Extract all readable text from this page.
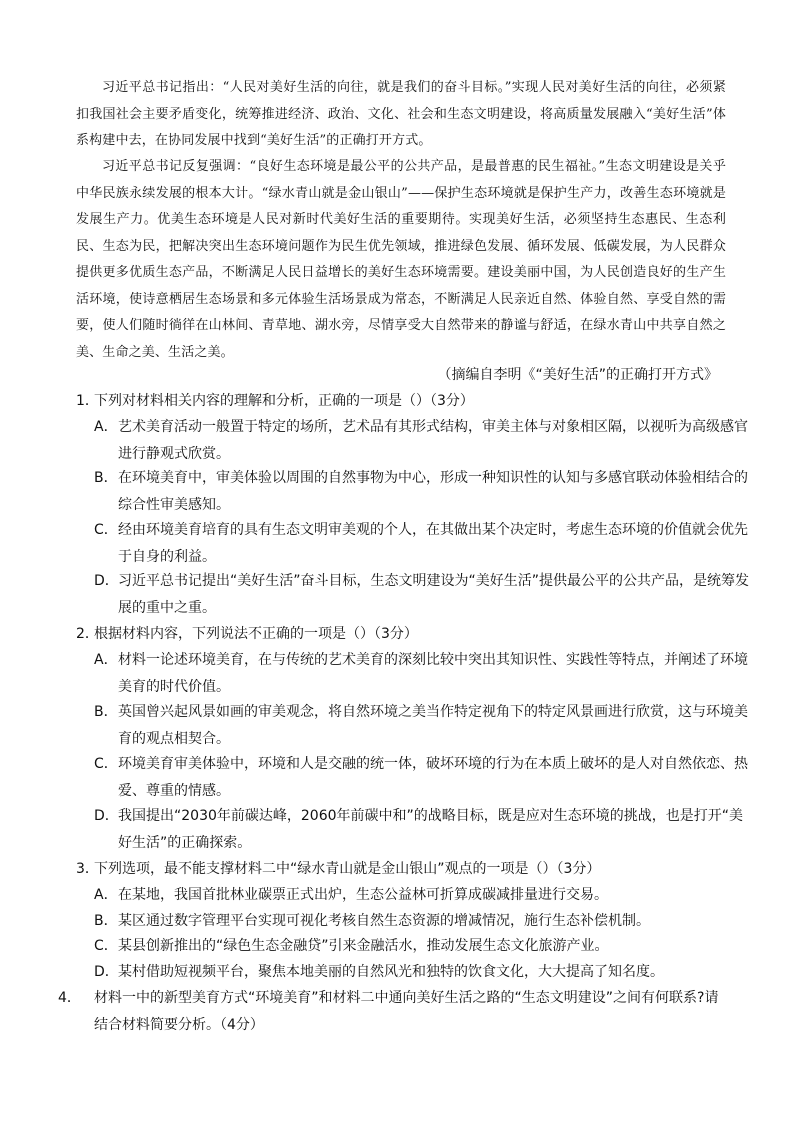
习近平总书记指出：“人民对美好生活的向往，就是我们的奋斗目标。”实现人民对美好生活的向往，必须紧扣我国社会主要矛盾变化，统筹推进经济、政治、文化、社会和生态文明建设，将高质量发展融入“美好生活”体系构建中去，在协同发展中找到“美好生活”的正确打开方式。

习近平总书记反复强调：“良好生态环境是最公平的公共产品，是最普惠的民生福祉。”生态文明建设是关乎中华民族永续发展的根本大计。“绿水青山就是金山银山”——保护生态环境就是保护生产力，改善生态环境就是发展生产力。优美生态环境是人民对新时代美好生活的重要期待。实现美好生活，必须坚持生态惠民、生态利民、生态为民，把解决突出生态环境问题作为民生优先领域，推进绿色发展、循环发展、低碳发展，为人民群众提供更多优质生态产品，不断满足人民日益增长的美好生态环境需要。建设美丽中国，为人民创造良好的生产生活环境，使诗意栖居生态场景和多元体验生活场景成为常态，不断满足人民亲近自然、体验自然、享受自然的需要，使人们随时徜徉在山林间、青草地、湖水旁，尽情享受大自然带来的静谧与舒适，在绿水青山中共享自然之美、生命之美、生活之美。

（摘编自李明《“美好生活”的正确打开方式》
1．下列对材料相关内容的理解和分析，正确的一项是（）（3分）
A．艺术美育活动一般置于特定的场所，艺术品有其形式结构，审美主体与对象相区隔，以视听为高级感官进行静观式欣赏。
B．在环境美育中，审美体验以周围的自然事物为中心，形成一种知识性的认知与多感官联动体验相结合的综合性审美感知。
C．经由环境美育培育的具有生态文明审美观的个人，在其做出某个决定时，考虑生态环境的价值就会优先于自身的利益。
D．习近平总书记提出“美好生活”奋斗目标，生态文明建设为“美好生活”提供最公平的公共产品，是统筹发展的重中之重。
2．根据材料内容，下列说法不正确的一项是（）（3分）
A．材料一论述环境美育，在与传统的艺术美育的深刻比较中突出其知识性、实践性等特点，并阐述了环境美育的时代价值。
B．英国曾兴起风景如画的审美观念，将自然环境之美当作特定视角下的特定风景画进行欣赏，这与环境美育的观点相契合。
C．环境美育审美体验中，环境和人是交融的统一体，破坏环境的行为在本质上破坏的是人对自然依恋、热爱、尊重的情感。
D．我国提出“2030年前碳达峰，2060年前碳中和”的战略目标，既是应对生态环境的挑战，也是打开“美好生活”的正确探索。
3．下列选项，最不能支撑材料二中“绿水青山就是金山银山”观点的一项是（）（3分）
A．在某地，我国首批林业碳票正式出炉，生态公益林可折算成碳减排量进行交易。
B．某区通过数字管理平台实现可视化考核自然生态资源的增减情况，施行生态补偿机制。
C．某县创新推出的“绿色生态金融贷”引来金融活水，推动发展生态文化旅游产业。
D．某村借助短视频平台，聚焦本地美丽的自然风光和独特的饮食文化，大大提高了知名度。
4． 材料一中的新型美育方式“环境美育”和材料二中通向美好生活之路的“生态文明建设”之间有何联系?请结合材料简要分析。（4分）
